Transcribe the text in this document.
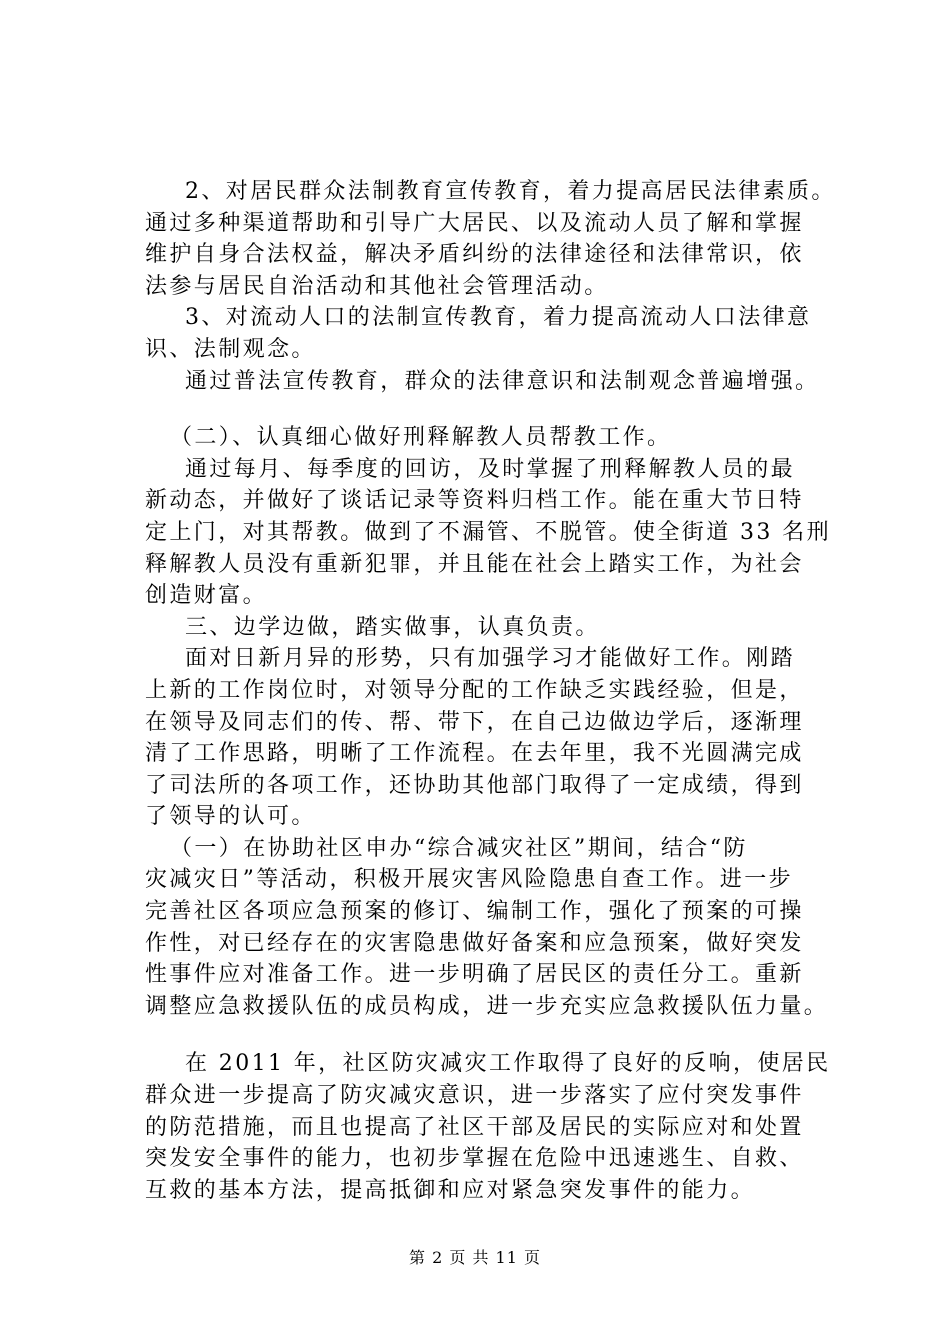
2、对居民群众法制教育宣传教育，着力提高居民法律素质。
通过多种渠道帮助和引导广大居民、以及流动人员了解和掌握
维护自身合法权益，解决矛盾纠纷的法律途径和法律常识，依
法参与居民自治活动和其他社会管理活动。
3、对流动人口的法制宣传教育，着力提高流动人口法律意
识、法制观念。
通过普法宣传教育，群众的法律意识和法制观念普遍增强。
（二）、认真细心做好刑释解教人员帮教工作。
通过每月、每季度的回访，及时掌握了刑释解教人员的最
新动态，并做好了谈话记录等资料归档工作。能在重大节日特
定上门，对其帮教。做到了不漏管、不脱管。使全街道 33 名刑
释解教人员没有重新犯罪，并且能在社会上踏实工作，为社会
创造财富。
三、边学边做，踏实做事，认真负责。
面对日新月异的形势，只有加强学习才能做好工作。刚踏
上新的工作岗位时，对领导分配的工作缺乏实践经验，但是，
在领导及同志们的传、帮、带下，在自己边做边学后，逐渐理
清了工作思路，明晰了工作流程。在去年里，我不光圆满完成
了司法所的各项工作，还协助其他部门取得了一定成绩，得到
了领导的认可。
（一）在协助社区申办“综合减灾社区”期间，结合“防
灾减灾日”等活动，积极开展灾害风险隐患自查工作。进一步
完善社区各项应急预案的修订、编制工作，强化了预案的可操
作性，对已经存在的灾害隐患做好备案和应急预案，做好突发
性事件应对准备工作。进一步明确了居民区的责任分工。重新
调整应急救援队伍的成员构成，进一步充实应急救援队伍力量。
在 2011 年，社区防灾减灾工作取得了良好的反响，使居民
群众进一步提高了防灾减灾意识，进一步落实了应付突发事件
的防范措施，而且也提高了社区干部及居民的实际应对和处置
突发安全事件的能力，也初步掌握在危险中迅速逃生、自救、
互救的基本方法，提高抵御和应对紧急突发事件的能力。
第 2 页 共 11 页
